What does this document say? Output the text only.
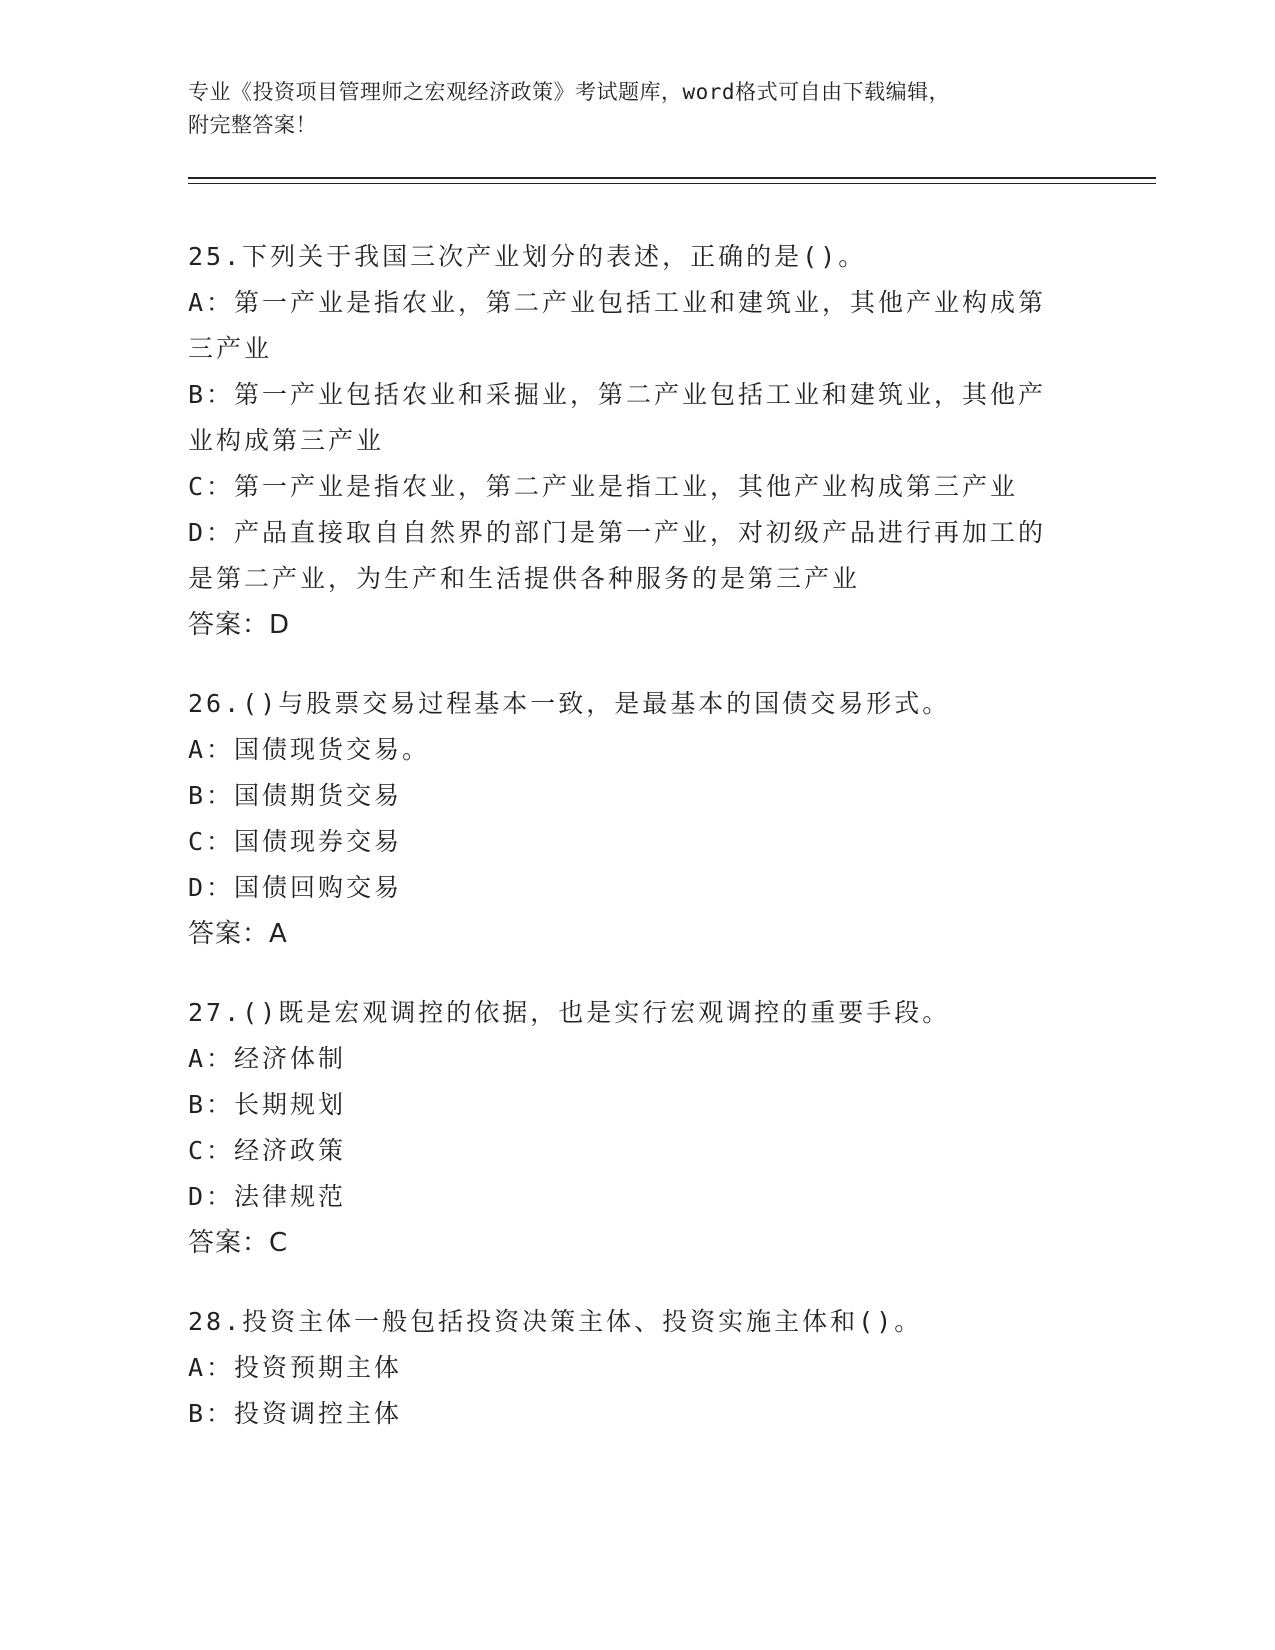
专业《投资项目管理师之宏观经济政策》考试题库，word格式可自由下载编辑，
附完整答案！

25.下列关于我国三次产业划分的表述，正确的是()。

A：第一产业是指农业，第二产业包括工业和建筑业，其他产业构成第

三产业

B：第一产业包括农业和采掘业，第二产业包括工业和建筑业，其他产

业构成第三产业

C：第一产业是指农业，第二产业是指工业，其他产业构成第三产业

D：产品直接取自自然界的部门是第一产业，对初级产品进行再加工的

是第二产业，为生产和生活提供各种服务的是第三产业

答案：D

26.()与股票交易过程基本一致，是最基本的国债交易形式。

A：国债现货交易。

B：国债期货交易

C：国债现券交易

D：国债回购交易

答案：A

27.()既是宏观调控的依据，也是实行宏观调控的重要手段。

A：经济体制

B：长期规划

C：经济政策

D：法律规范

答案：C

28.投资主体一般包括投资决策主体、投资实施主体和()。

A：投资预期主体

B：投资调控主体
